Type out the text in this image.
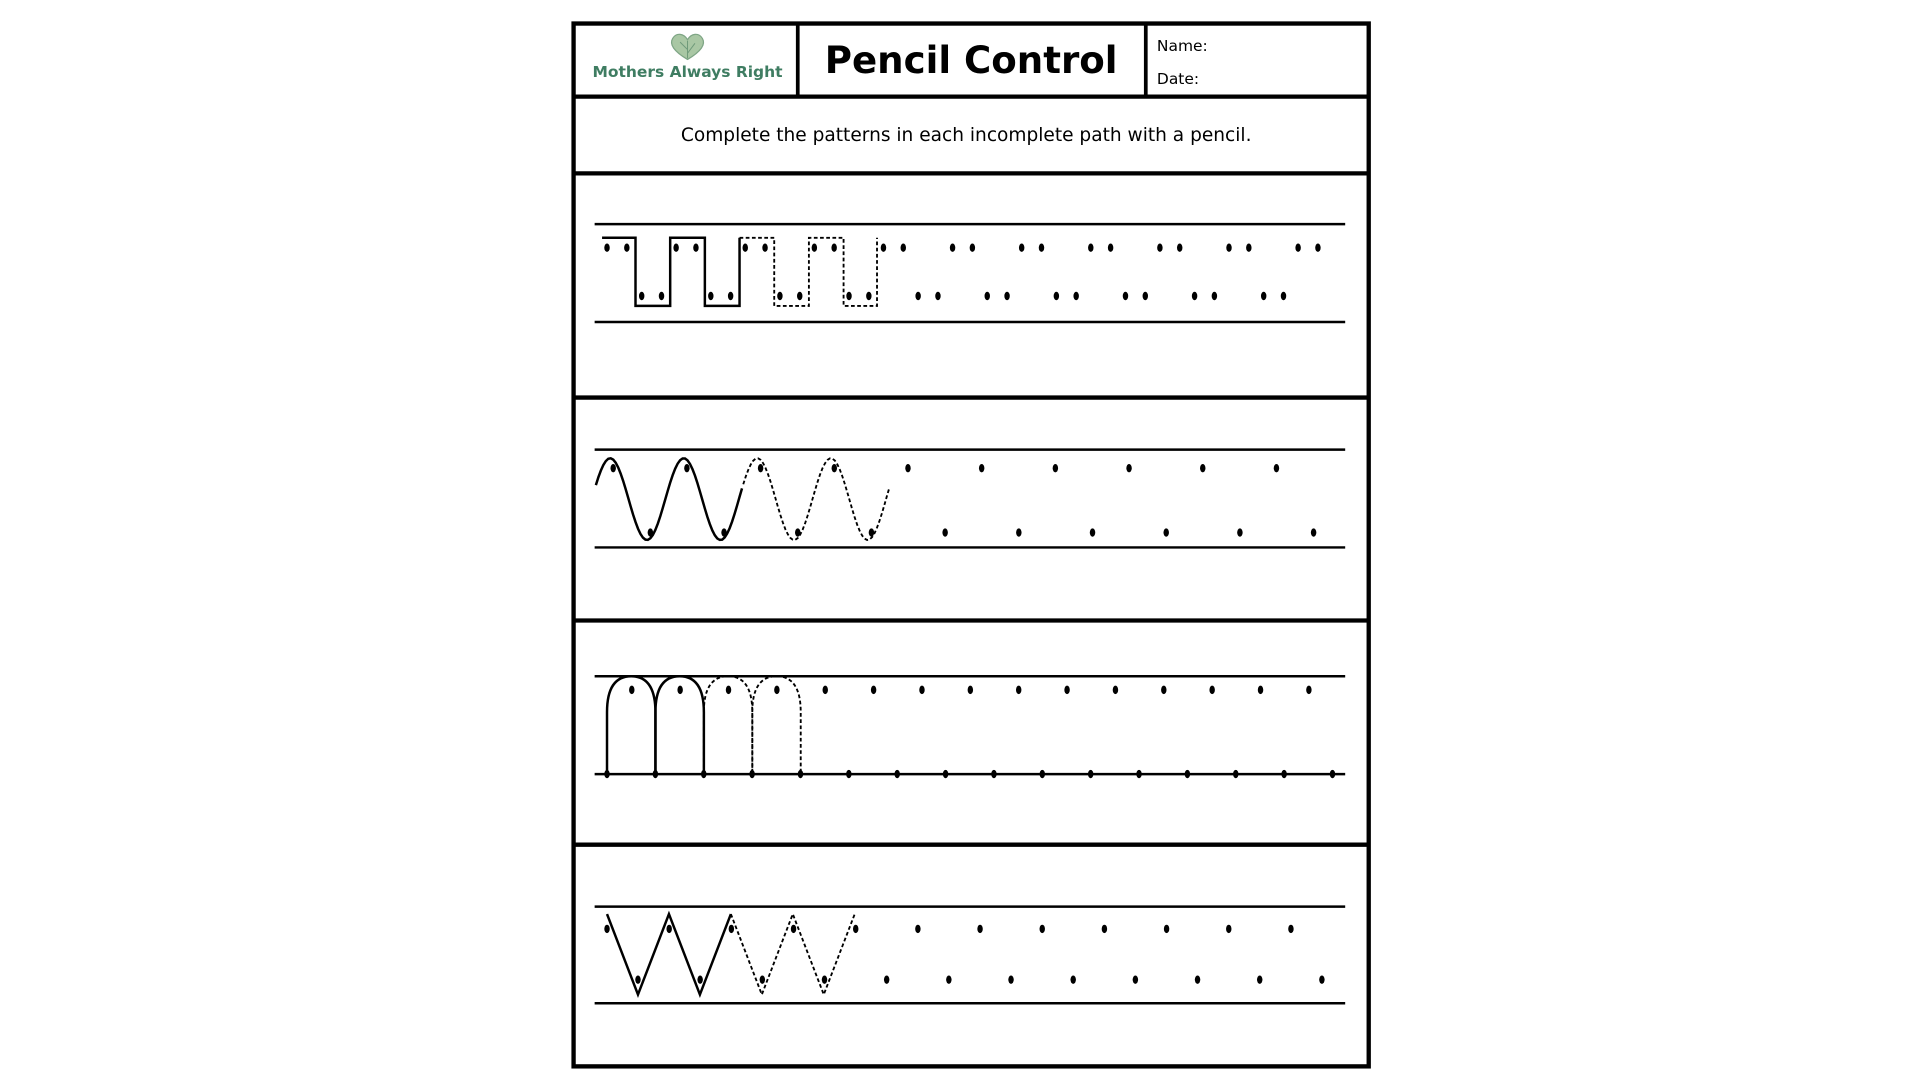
Mothers Always Right Pencil Control	Name:
Date:
Complete the patterns in each incomplete path with a pencil.
